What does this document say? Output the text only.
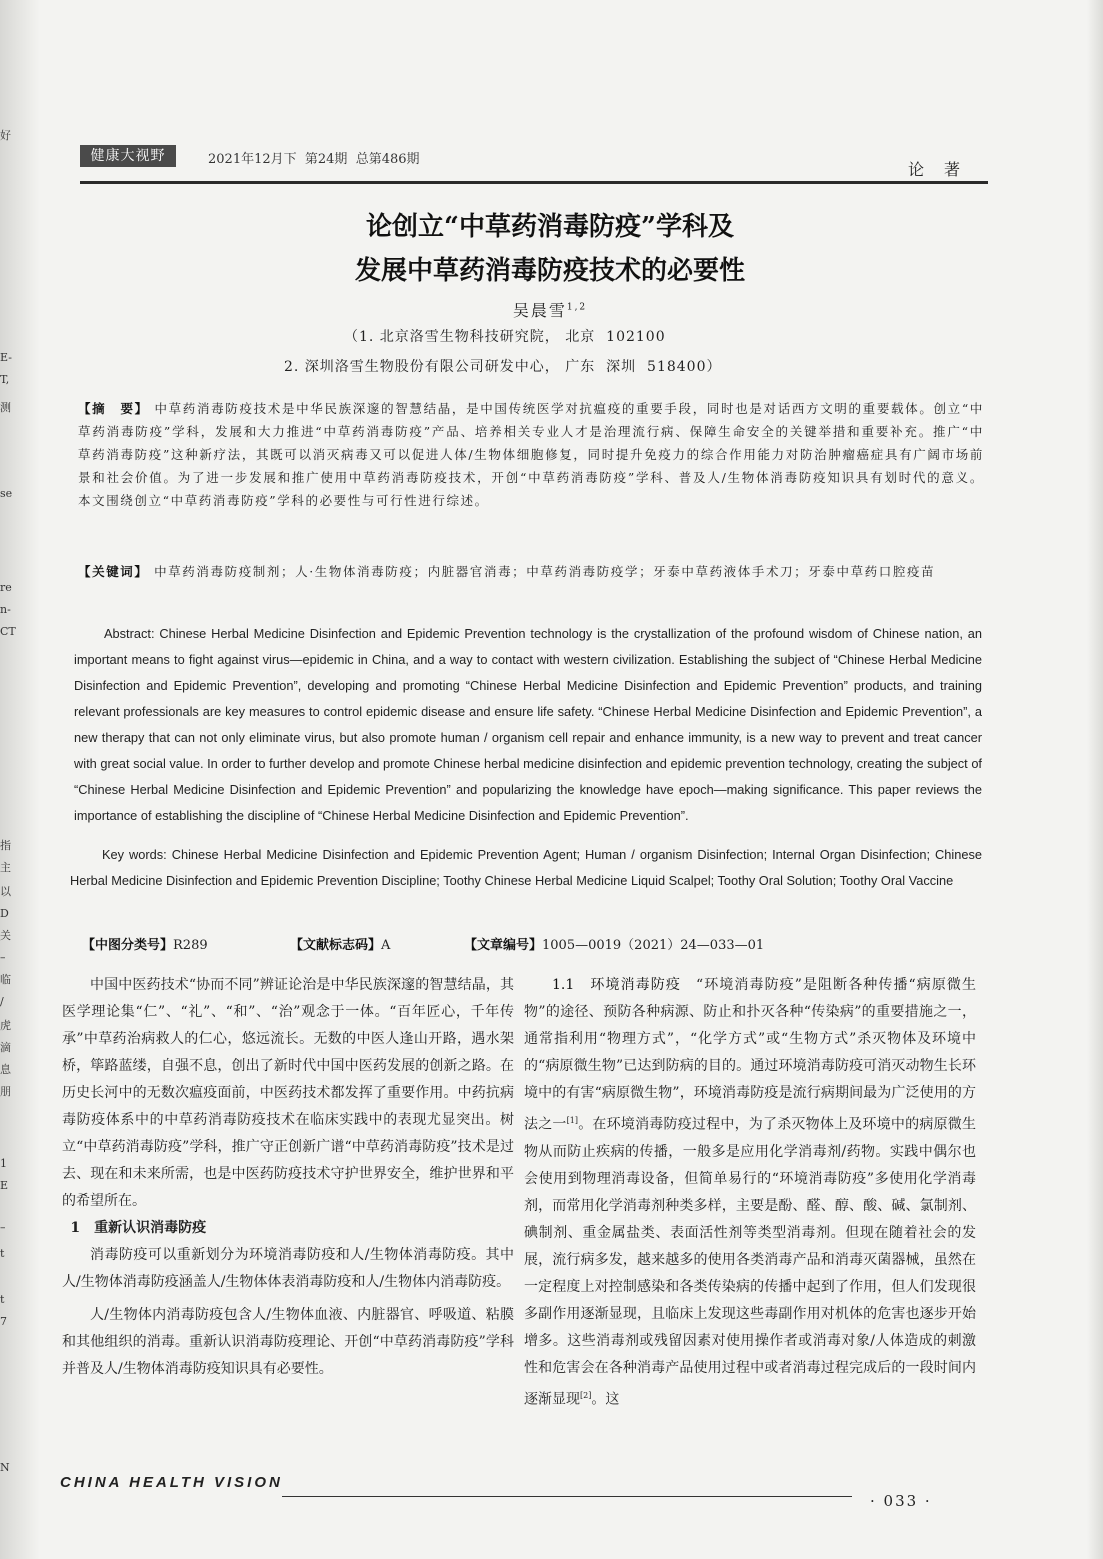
好
E-
T,
测
se
re
n-
CT
指
主
以
D
关
–
临
/
虎
滴
息
朋
1
E
–
t
t
7
N
健康大视野	2021年12月下  第24期  总第486期
论著
论创立“中草药消毒防疫”学科及
发展中草药消毒防疫技术的必要性
吴晨雪$^{1,2}$
（1. 北京洛雪生物科技研究院， 北京  102100
2. 深圳洛雪生物股份有限公司研发中心， 广东  深圳  518400）
【摘　要】 中草药消毒防疫技术是中华民族深邃的智慧结晶，是中国传统医学对抗瘟疫的重要手段，同时也是对话西方文明的重要载体。创立“中草药消毒防疫”学科，发展和大力推进“中草药消毒防疫”产品、培养相关专业人才是治理流行病、保障生命安全的关键举措和重要补充。推广“中草药消毒防疫”这种新疗法，其既可以消灭病毒又可以促进人体/生物体细胞修复，同时提升免疫力的综合作用能力对防治肿瘤癌症具有广阔市场前景和社会价值。为了进一步发展和推广使用中草药消毒防疫技术，开创“中草药消毒防疫”学科、普及人/生物体消毒防疫知识具有划时代的意义。本文围绕创立“中草药消毒防疫”学科的必要性与可行性进行综述。
【关键词】 中草药消毒防疫制剂；人·生物体消毒防疫；内脏器官消毒；中草药消毒防疫学；牙泰中草药液体手术刀；牙泰中草药口腔疫苗
Abstract: Chinese Herbal Medicine Disinfection and Epidemic Prevention technology is the crystallization of the profound wisdom of Chinese nation, an important means to fight against virus—epidemic in China, and a way to contact with western civilization. Establishing the subject of “Chinese Herbal Medicine Disinfection and Epidemic Prevention”, developing and promoting “Chinese Herbal Medicine Disinfection and Epidemic Prevention” products, and training relevant professionals are key measures to control epidemic disease and ensure life safety. “Chinese Herbal Medicine Disinfection and Epidemic Prevention”, a new therapy that can not only eliminate virus, but also promote human / organism cell repair and enhance immunity, is a new way to prevent and treat cancer with great social value. In order to further develop and promote Chinese herbal medicine disinfection and epidemic prevention technology, creating the subject of “Chinese Herbal Medicine Disinfection and Epidemic Prevention” and popularizing the knowledge have epoch—making significance. This paper reviews the importance of establishing the discipline of “Chinese Herbal Medicine Disinfection and Epidemic Prevention”.
Key words: Chinese Herbal Medicine Disinfection and Epidemic Prevention Agent; Human / organism Disinfection; Internal Organ Disinfection; Chinese Herbal Medicine Disinfection and Epidemic Prevention Discipline; Toothy Chinese Herbal Medicine Liquid Scalpel; Toothy Oral Solution; Toothy Oral Vaccine
【中图分类号】R289	【文献标志码】A	【文章编号】1005—0019（2021）24—033—01

中国中医药技术“协而不同”辨证论治是中华民族深邃的智慧结晶，其医学理论集“仁”、“礼”、“和”、“治”观念于一体。“百年匠心，千年传承”中草药治病救人的仁心，悠远流长。无数的中医人逢山开路，遇水架桥，筚路蓝缕，自强不息，创出了新时代中国中医药发展的创新之路。在历史长河中的无数次瘟疫面前，中医药技术都发挥了重要作用。中药抗病毒防疫体系中的中草药消毒防疫技术在临床实践中的表现尤显突出。树立“中草药消毒防疫”学科，推广守正创新广谱“中草药消毒防疫”技术是过去、现在和未来所需，也是中医药防疫技术守护世界安全，维护世界和平的希望所在。

1　重新认识消毒防疫

消毒防疫可以重新划分为环境消毒防疫和人/生物体消毒防疫。其中人/生物体消毒防疫涵盖人/生物体体表消毒防疫和人/生物体内消毒防疫。

人/生物体内消毒防疫包含人/生物体血液、内脏器官、呼吸道、粘膜和其他组织的消毒。重新认识消毒防疫理论、开创“中草药消毒防疫”学科并普及人/生物体消毒防疫知识具有必要性。

1.1　环境消毒防疫　 “环境消毒防疫”是阻断各种传播“病原微生物”的途径、预防各种病源、防止和扑灭各种“传染病”的重要措施之一，通常指利用“物理方式”，“化学方式”或“生物方式”杀灭物体及环境中的“病原微生物”已达到防病的目的。通过环境消毒防疫可消灭动物生长环境中的有害“病原微生物”，环境消毒防疫是流行病期间最为广泛使用的方法之一[1]。在环境消毒防疫过程中，为了杀灭物体上及环境中的病原微生物从而防止疾病的传播，一般多是应用化学消毒剂/药物。实践中偶尔也会使用到物理消毒设备，但简单易行的“环境消毒防疫”多使用化学消毒剂，而常用化学消毒剂种类多样，主要是酚、醛、醇、酸、碱、氯制剂、碘制剂、重金属盐类、表面活性剂等类型消毒剂。但现在随着社会的发展，流行病多发，越来越多的使用各类消毒产品和消毒灭菌器械，虽然在一定程度上对控制感染和各类传染病的传播中起到了作用，但人们发现很多副作用逐渐显现，且临床上发现这些毒副作用对机体的危害也逐步开始增多。这些消毒剂或残留因素对使用操作者或消毒对象/人体造成的刺激性和危害会在各种消毒产品使用过程中或者消毒过程完成后的一段时间内逐渐显现[2]。这

CHINA HEALTH VISION
· 033 ·
